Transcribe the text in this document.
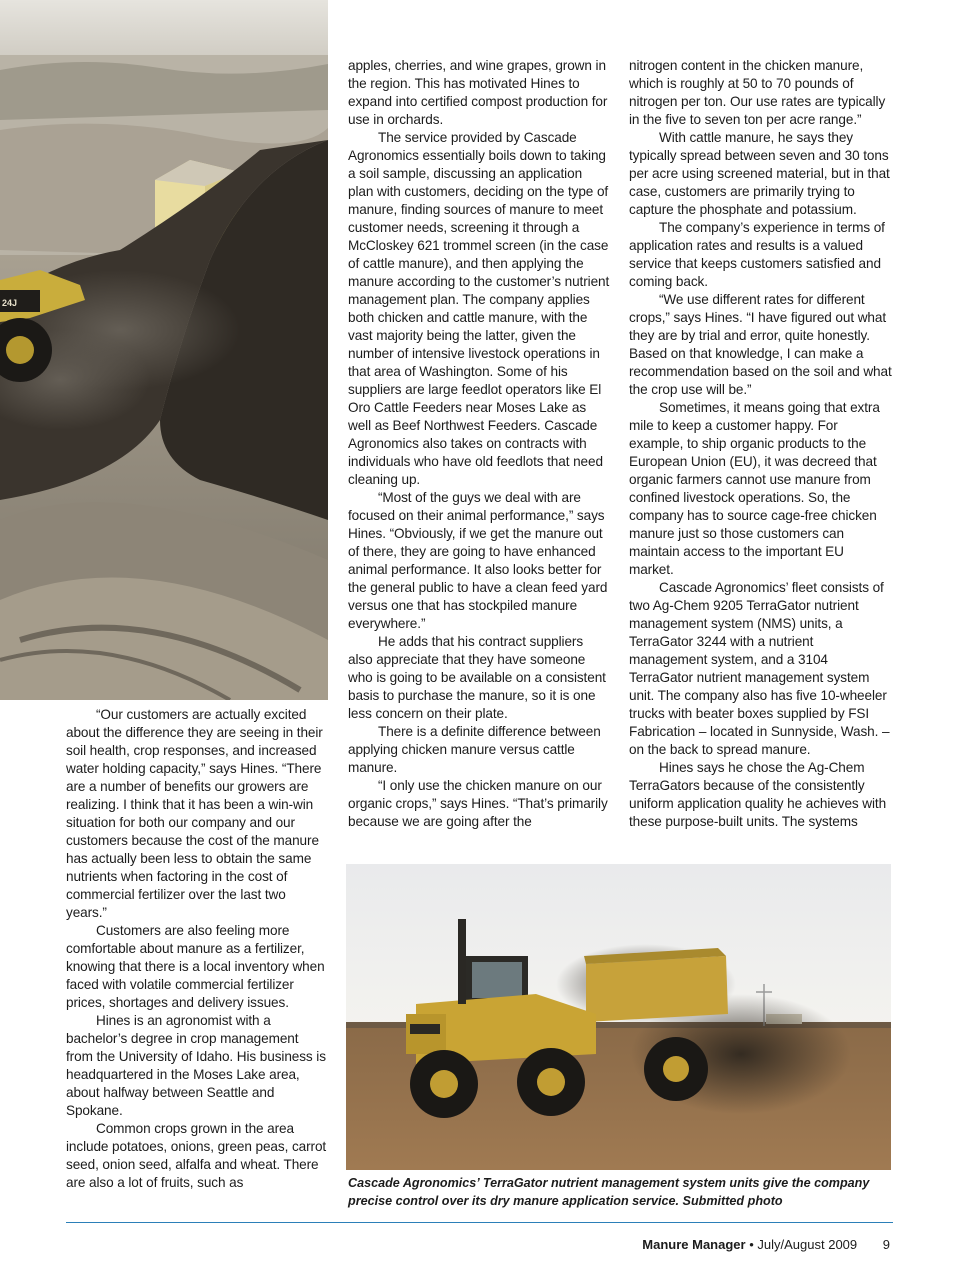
24J

“Our customers are actually excited about the difference they are seeing in their soil health, crop responses, and increased water holding capacity,” says Hines. “There are a number of benefits our growers are realizing. I think that it has been a win-win situation for both our company and our customers because the cost of the manure has actually been less to obtain the same nutrients when factoring in the cost of commercial fertilizer over the last two years.”

Customers are also feeling more comfortable about manure as a fertilizer, knowing that there is a local inventory when faced with volatile commercial fertilizer prices, shortages and delivery issues.

Hines is an agronomist with a bachelor’s degree in crop management from the University of Idaho. His business is headquartered in the Moses Lake area, about halfway between Seattle and Spokane.

Common crops grown in the area include potatoes, onions, green peas, carrot seed, onion seed, alfalfa and wheat. There are also a lot of fruits, such as

apples, cherries, and wine grapes, grown in the region. This has motivated Hines to expand into certified compost production for use in orchards.

The service provided by Cascade Agronomics essentially boils down to taking a soil sample, discussing an application plan with customers, deciding on the type of manure, finding sources of manure to meet customer needs, screening it through a McCloskey 621 trommel screen (in the case of cattle manure), and then applying the manure according to the customer’s nutrient management plan. The company applies both chicken and cattle manure, with the vast majority being the latter, given the number of intensive livestock operations in that area of Washington. Some of his suppliers are large feedlot operators like El Oro Cattle Feeders near Moses Lake as well as Beef Northwest Feeders. Cascade Agronomics also takes on contracts with individuals who have old feedlots that need cleaning up.

“Most of the guys we deal with are focused on their animal performance,” says Hines. “Obviously, if we get the manure out of there, they are going to have enhanced animal performance. It also looks better for the general public to have a clean feed yard versus one that has stockpiled manure everywhere.”

He adds that his contract suppliers also appreciate that they have someone who is going to be available on a consistent basis to purchase the manure, so it is one less concern on their plate.

There is a definite difference between applying chicken manure versus cattle manure.

“I only use the chicken manure on our organic crops,” says Hines. “That’s primarily because we are going after the

nitrogen content in the chicken manure, which is roughly at 50 to 70 pounds of nitrogen per ton. Our use rates are typically in the five to seven ton per acre range.”

With cattle manure, he says they typically spread between seven and 30 tons per acre using screened material, but in that case, customers are primarily trying to capture the phosphate and potassium.

The company’s experience in terms of application rates and results is a valued service that keeps customers satisfied and coming back.

“We use different rates for different crops,” says Hines. “I have figured out what they are by trial and error, quite honestly. Based on that knowledge, I can make a recommendation based on the soil and what the crop use will be.”

Sometimes, it means going that extra mile to keep a customer happy. For example, to ship organic products to the European Union (EU), it was decreed that organic farmers cannot use manure from confined livestock operations. So, the company has to source cage-free chicken manure just so those customers can maintain access to the important EU market.

Cascade Agronomics’ fleet consists of two Ag-Chem 9205 TerraGator nutrient management system (NMS) units, a TerraGator 3244 with a nutrient management system, and a 3104 TerraGator nutrient management system unit. The company also has five 10-wheeler trucks with beater boxes supplied by FSI Fabrication – located in Sunnyside, Wash. – on the back to spread manure.

Hines says he chose the Ag-Chem TerraGators because of the consistently uniform application quality he achieves with these purpose-built units. The systems

Cascade Agronomics’ TerraGator nutrient management system units give the company precise control over its dry manure application service. Submitted photo
Manure Manager • July/August 2009 9
